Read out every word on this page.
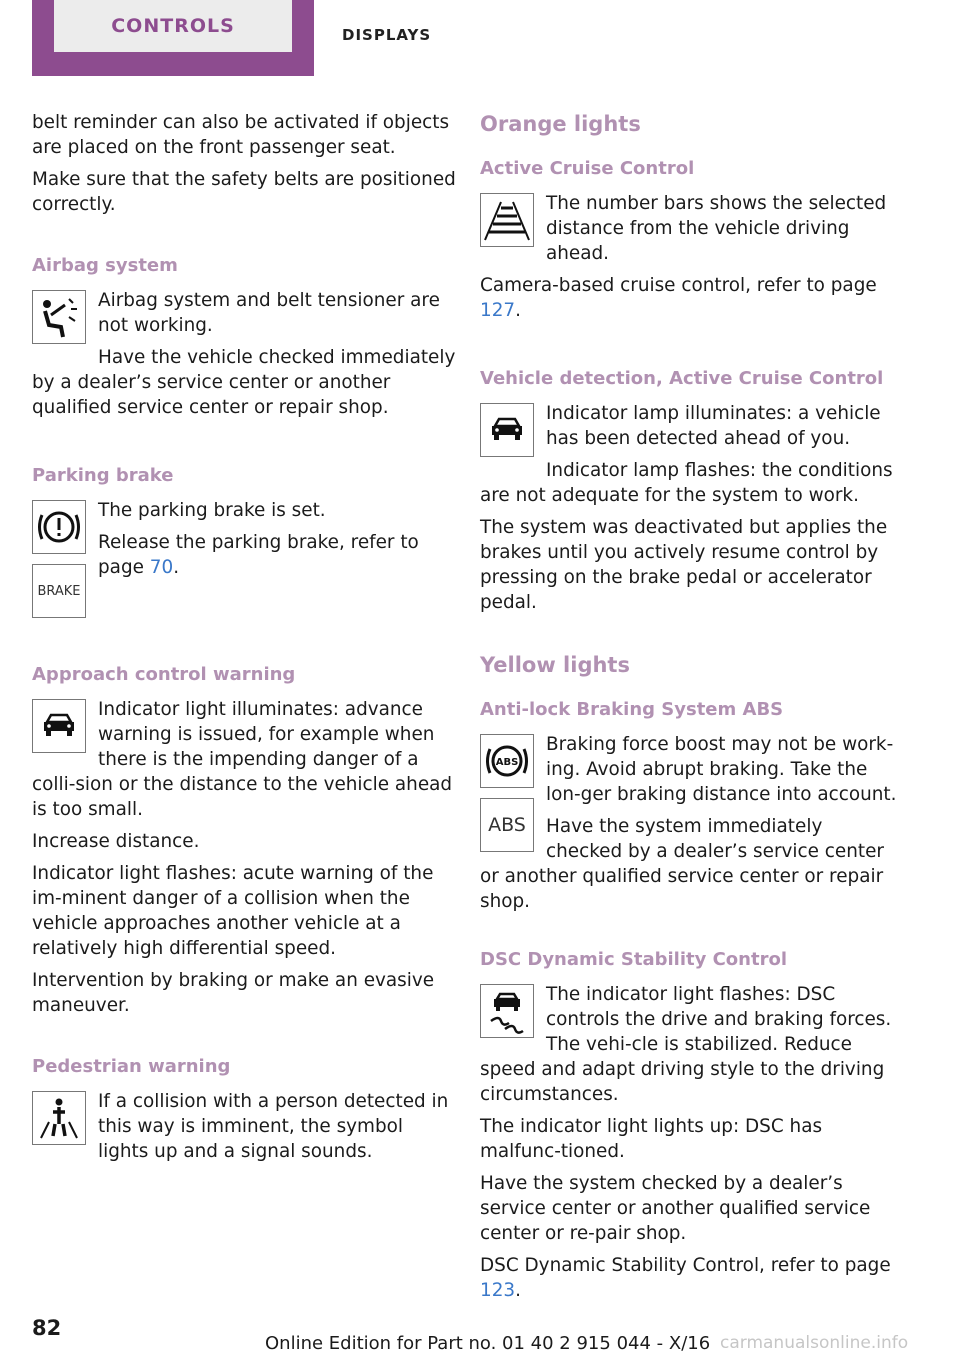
CONTROLS	DISPLAYS

belt reminder can also be activated if objects are placed on the front passenger seat.

Make sure that the safety belts are positioned correctly.

Airbag system

Airbag system and belt tensioner are not working.

Have the vehicle checked immediately by a dealer’s service center or another qualified service center or repair shop.

Parking brake
BRAKE

The parking brake is set.

Release the parking brake, refer to page 70.

Approach control warning

Indicator light illuminates: advance warning is issued, for example when there is the impending danger of a colli‐sion or the distance to the vehicle ahead is too small.

Increase distance.

Indicator light flashes: acute warning of the im‐minent danger of a collision when the vehicle approaches another vehicle at a relatively high differential speed.

Intervention by braking or make an evasive maneuver.

Pedestrian warning

If a collision with a person detected in this way is imminent, the symbol lights up and a signal sounds.

Orange lights
Active Cruise Control

The number bars shows the selected distance from the vehicle driving ahead.

Camera-based cruise control, refer to page 127.

Vehicle detection, Active Cruise Control

Indicator lamp illuminates: a vehicle has been detected ahead of you.

Indicator lamp flashes: the conditions are not adequate for the system to work.

The system was deactivated but applies the brakes until you actively resume control by pressing on the brake pedal or accelerator pedal.

Yellow lights
Anti-lock Braking System ABS
ABS
ABS

Braking force boost may not be work‐ing. Avoid abrupt braking. Take the lon‐ger braking distance into account.

Have the system immediately checked by a dealer’s service center or another qualified service center or repair shop.

DSC Dynamic Stability Control

The indicator light flashes: DSC controls the drive and braking forces. The vehi‐cle is stabilized. Reduce speed and adapt driving style to the driving circumstances.

The indicator light lights up: DSC has malfunc‐tioned.

Have the system checked by a dealer’s service center or another qualified service center or re‐pair shop.

DSC Dynamic Stability Control, refer to page 123.

82
Online Edition for Part no. 01 40 2 915 044 - X/16 carmanualsonline.info
